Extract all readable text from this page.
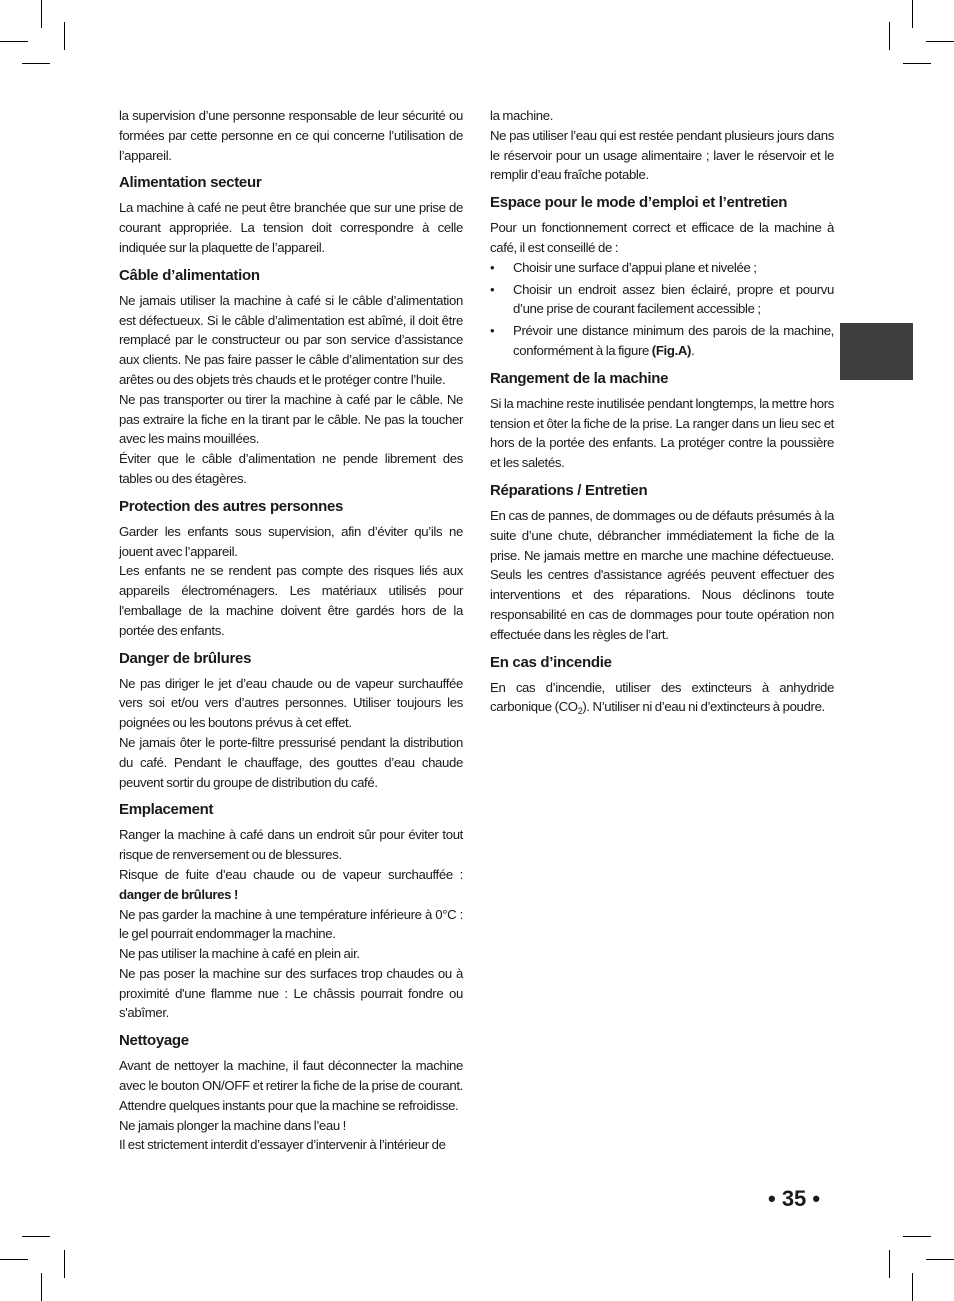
la supervision d’une personne responsable de leur sécurité ou formées par cette personne en ce qui concerne l’utilisation de l’appareil.

Alimentation secteur

La machine à café ne peut être branchée que sur une prise de courant appropriée. La tension doit correspondre à celle indiquée sur la plaquette de l’appareil.

Câble d’alimentation

Ne jamais utiliser la machine à café si le câble d’alimentation est défectueux. Si le câble d’alimentation est abîmé, il doit être remplacé par le constructeur ou par son service d’assistance aux clients. Ne pas faire passer le câble d’alimentation sur des arêtes ou des objets très chauds et le protéger contre l’huile.

Ne pas transporter ou tirer la machine à café par le câble. Ne pas extraire la fiche en la tirant par le câble. Ne pas la toucher avec les mains mouillées.

Éviter que le câble d’alimentation ne pende librement des tables ou des étagères.

Protection des autres personnes

Garder les enfants sous supervision, afin d’éviter qu’ils ne jouent avec l’appareil.

Les enfants ne se rendent pas compte des risques liés aux appareils électroménagers. Les matériaux utilisés pour l'emballage de la machine doivent être gardés hors de la portée des enfants.

Danger de brûlures

Ne pas diriger le jet d’eau chaude ou de vapeur surchauffée vers soi et/ou vers d’autres personnes. Utiliser toujours les poignées ou les boutons prévus à cet effet.

Ne jamais ôter le porte-filtre pressurisé pendant la distribution du café. Pendant le chauffage, des gouttes d’eau chaude peuvent sortir du groupe de distribution du café.

Emplacement

Ranger la machine à café dans un endroit sûr pour éviter tout risque de renversement ou de blessures.

Risque de fuite d’eau chaude ou de vapeur surchauffée : danger de brûlures !

Ne pas garder la machine à une température inférieure à 0°C : le gel pourrait endommager la machine.

Ne pas utiliser la machine à café en plein air.

Ne pas poser la machine sur des surfaces trop chaudes ou à proximité d'une flamme nue : Le châssis pourrait fondre ou s'abîmer.

Nettoyage

Avant de nettoyer la machine, il faut déconnecter la machine avec le bouton ON/OFF et retirer la fiche de la prise de courant. Attendre quelques instants pour que la machine se refroidisse.

Ne jamais plonger la machine dans l’eau !

Il est strictement interdit d’essayer d’intervenir à l’intérieur de

la machine.

Ne pas utiliser l’eau qui est restée pendant plusieurs jours dans le réservoir pour un usage alimentaire ; laver le réservoir et le remplir d’eau fraîche potable.

Espace pour le mode d’emploi et l’entretien

Pour un fonctionnement correct et efficace de la machine à café, il est conseillé de :

• Choisir une surface d’appui plane et nivelée ;
• Choisir un endroit assez bien éclairé, propre et pourvu d’une prise de courant facilement accessible ;
• Prévoir une distance minimum des parois de la machine, conformément à la figure (Fig.A).
Rangement de la machine

Si la machine reste inutilisée pendant longtemps, la mettre hors tension et ôter la fiche de la prise. La ranger dans un lieu sec et hors de la portée des enfants. La protéger contre la poussière et les saletés.

Réparations / Entretien

En cas de pannes, de dommages ou de défauts présumés à la suite d’une chute, débrancher immédiatement la fiche de la prise. Ne jamais mettre en marche une machine défectueuse. Seuls les centres d'assistance agréés peuvent effectuer des interventions et des réparations. Nous déclinons toute responsabilité en cas de dommages pour toute opération non effectuée dans les règles de l’art.

En cas d’incendie

En cas d’incendie, utiliser des extincteurs à anhydride carbonique $(CO_2)$. N’utiliser ni d’eau ni d’extincteurs à poudre.

• 35 •
